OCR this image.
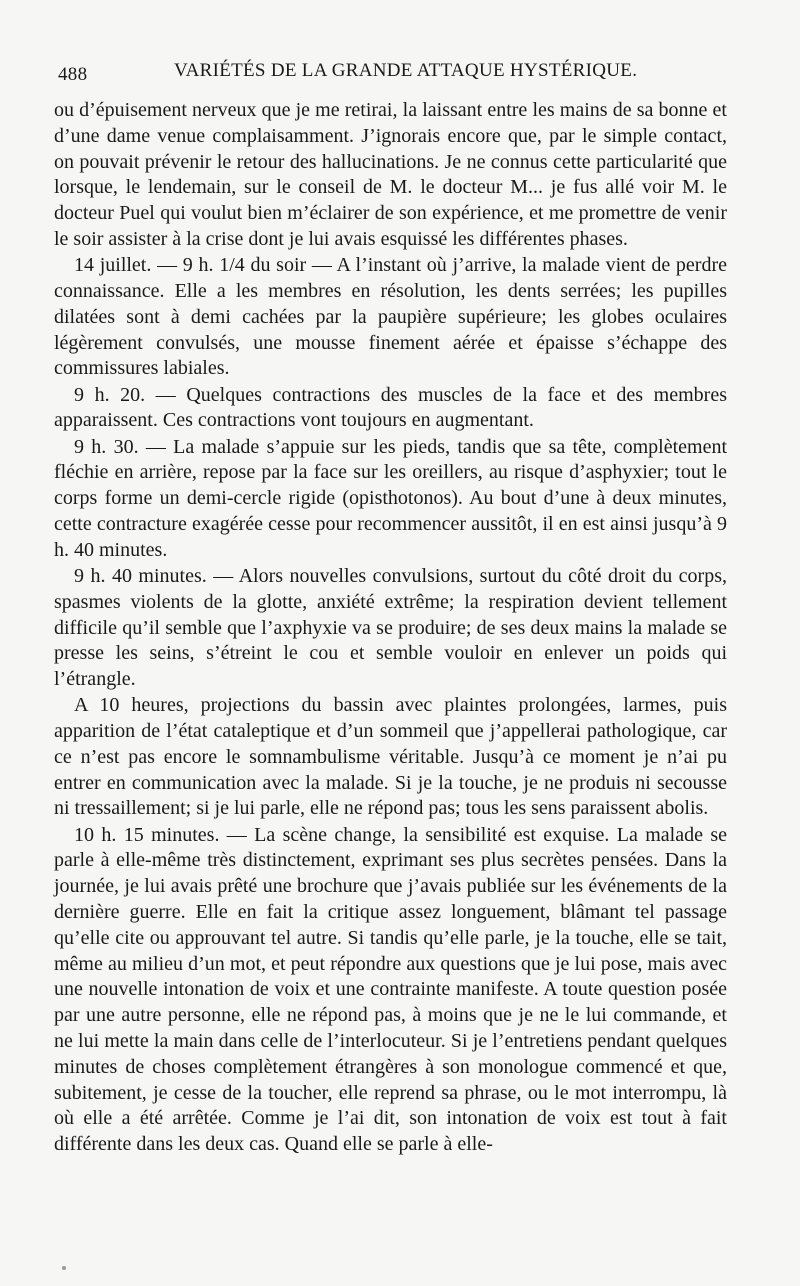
488	VARIÉTÉS DE LA GRANDE ATTAQUE HYSTÉRIQUE.

ou d’épuisement nerveux que je me retirai, la laissant entre les mains de sa bonne et d’une dame venue complaisamment. J’ignorais encore que, par le simple contact, on pouvait prévenir le retour des hallucinations. Je ne connus cette particularité que lorsque, le lendemain, sur le conseil de M. le docteur M... je fus allé voir M. le docteur Puel qui voulut bien m’éclairer de son expérience, et me promettre de venir le soir assister à la crise dont je lui avais esquissé les différentes phases.

14 juillet. — 9 h. 1/4 du soir — A l’instant où j’arrive, la malade vient de perdre connaissance. Elle a les membres en résolution, les dents serrées; les pupilles dilatées sont à demi cachées par la paupière supérieure; les globes oculaires légèrement convulsés, une mousse finement aérée et épaisse s’échappe des commissures labiales.

9 h. 20. — Quelques contractions des muscles de la face et des membres apparaissent. Ces contractions vont toujours en augmentant.

9 h. 30. — La malade s’appuie sur les pieds, tandis que sa tête, complètement fléchie en arrière, repose par la face sur les oreillers, au risque d’asphyxier; tout le corps forme un demi-cercle rigide (opisthotonos). Au bout d’une à deux minutes, cette contracture exagérée cesse pour recommencer aussitôt, il en est ainsi jusqu’à 9 h. 40 minutes.

9 h. 40 minutes. — Alors nouvelles convulsions, surtout du côté droit du corps, spasmes violents de la glotte, anxiété extrême; la respiration devient tellement difficile qu’il semble que l’axphyxie va se produire; de ses deux mains la malade se presse les seins, s’étreint le cou et semble vouloir en enlever un poids qui l’étrangle.

A 10 heures, projections du bassin avec plaintes prolongées, larmes, puis apparition de l’état cataleptique et d’un sommeil que j’appellerai pathologique, car ce n’est pas encore le somnambulisme véritable. Jusqu’à ce moment je n’ai pu entrer en communication avec la malade. Si je la touche, je ne produis ni secousse ni tressaillement; si je lui parle, elle ne répond pas; tous les sens paraissent abolis.

10 h. 15 minutes. — La scène change, la sensibilité est exquise. La malade se parle à elle-même très distinctement, exprimant ses plus secrètes pensées. Dans la journée, je lui avais prêté une brochure que j’avais publiée sur les événements de la dernière guerre. Elle en fait la critique assez longuement, blâmant tel passage qu’elle cite ou approuvant tel autre. Si tandis qu’elle parle, je la touche, elle se tait, même au milieu d’un mot, et peut répondre aux questions que je lui pose, mais avec une nouvelle intonation de voix et une contrainte manifeste. A toute question posée par une autre personne, elle ne répond pas, à moins que je ne le lui commande, et ne lui mette la main dans celle de l’interlocuteur. Si je l’entretiens pendant quelques minutes de choses complètement étrangères à son monologue commencé et que, subitement, je cesse de la toucher, elle reprend sa phrase, ou le mot interrompu, là où elle a été arrêtée. Comme je l’ai dit, son intonation de voix est tout à fait différente dans les deux cas. Quand elle se parle à elle-
